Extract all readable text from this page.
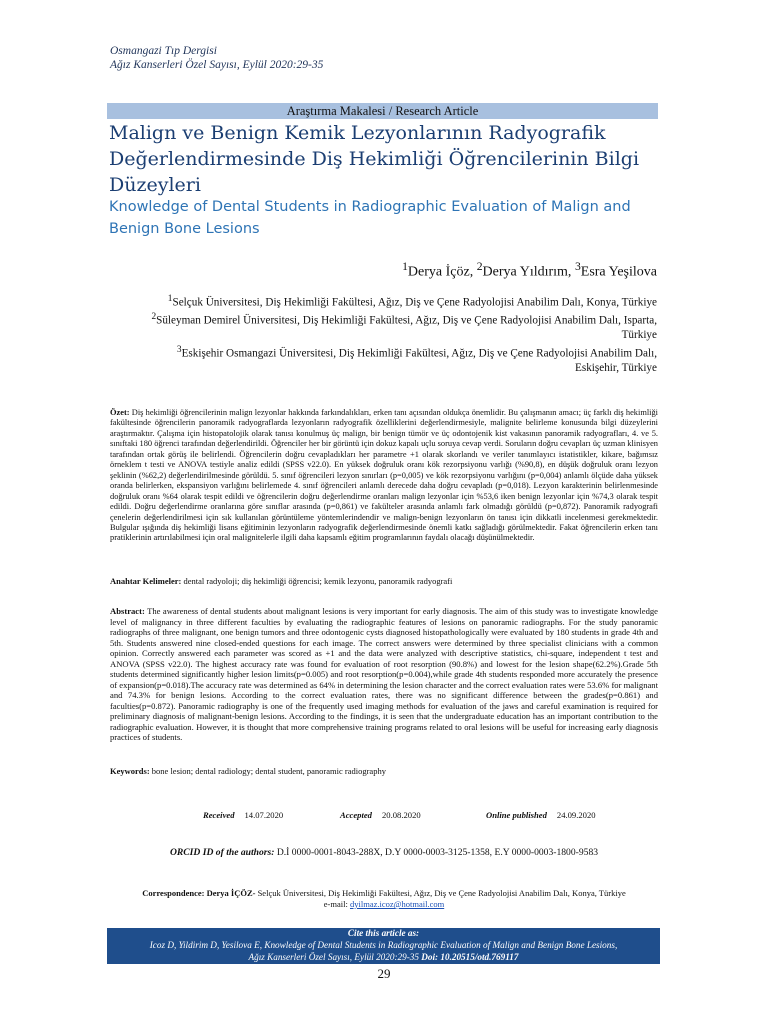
Osmangazi Tıp Dergisi
Ağız Kanserleri Özel Sayısı, Eylül 2020:29-35
Araştırma Makalesi / Research Article
Malign ve Benign Kemik Lezyonlarının Radyografik Değerlendirmesinde Diş Hekimliği Öğrencilerinin Bilgi Düzeyleri
Knowledge of Dental Students in Radiographic Evaluation of Malign and Benign Bone Lesions
$^1$Derya İçöz, $^2$Derya Yıldırım, $^3$Esra Yeşilova

$^1$Selçuk Üniversitesi, Diş Hekimliği Fakültesi, Ağız, Diş ve Çene Radyolojisi Anabilim Dalı, Konya, Türkiye

$^2$Süleyman Demirel Üniversitesi, Diş Hekimliği Fakültesi, Ağız, Diş ve Çene Radyolojisi Anabilim Dalı, Isparta, Türkiye

$^3$Eskişehir Osmangazi Üniversitesi, Diş Hekimliği Fakültesi, Ağız, Diş ve Çene Radyolojisi Anabilim Dalı, Eskişehir, Türkiye

Özet: Diş hekimliği öğrencilerinin malign lezyonlar hakkında farkındalıkları, erken tanı açısından oldukça önemlidir. Bu çalışmanın amacı; üç farklı diş hekimliği fakültesinde öğrencilerin panoramik radyograflarda lezyonların radyografik özelliklerini değerlendirmesiyle, malignite belirleme konusunda bilgi düzeylerini araştırmaktır. Çalışma için histopatolojik olarak tanısı konulmuş üç malign, bir benign tümör ve üç odontojenik kist vakasının panoramik radyografları, 4. ve 5. sınıftaki 180 öğrenci tarafından değerlendirildi. Öğrenciler her bir görüntü için dokuz kapalı uçlu soruya cevap verdi. Soruların doğru cevapları üç uzman klinisyen tarafından ortak görüş ile belirlendi. Öğrencilerin doğru cevapladıkları her parametre +1 olarak skorlandı ve veriler tanımlayıcı istatistikler, kikare, bağımsız örneklem t testi ve ANOVA testiyle analiz edildi (SPSS v22.0). En yüksek doğruluk oranı kök rezorpsiyonu varlığı (%90,8), en düşük doğruluk oranı lezyon şeklinin (%62,2) değerlendirilmesinde görüldü. 5. sınıf öğrencileri lezyon sınırları (p=0,005) ve kök rezorpsiyonu varlığını (p=0,004) anlamlı ölçüde daha yüksek oranda belirlerken, ekspansiyon varlığını belirlemede 4. sınıf öğrencileri anlamlı derecede daha doğru cevapladı (p=0,018). Lezyon karakterinin belirlenmesinde doğruluk oranı %64 olarak tespit edildi ve öğrencilerin doğru değerlendirme oranları malign lezyonlar için %53,6 iken benign lezyonlar için %74,3 olarak tespit edildi. Doğru değerlendirme oranlarına göre sınıflar arasında (p=0,861) ve fakülteler arasında anlamlı fark olmadığı görüldü (p=0,872). Panoramik radyografi çenelerin değerlendirilmesi için sık kullanılan görüntüleme yöntemlerindendir ve malign-benign lezyonların ön tanısı için dikkatli incelenmesi gerekmektedir. Bulgular ışığında diş hekimliği lisans eğitiminin lezyonların radyografik değerlendirmesinde önemli katkı sağladığı görülmektedir. Fakat öğrencilerin erken tanı pratiklerinin artırılabilmesi için oral malignitelerle ilgili daha kapsamlı eğitim programlarının faydalı olacağı düşünülmektedir.
Anahtar Kelimeler: dental radyoloji; diş hekimliği öğrencisi; kemik lezyonu, panoramik radyografi
Abstract: The awareness of dental students about malignant lesions is very important for early diagnosis. The aim of this study was to investigate knowledge level of malignancy in three different faculties by evaluating the radiographic features of lesions on panoramic radiographs. For the study panoramic radiographs of three malignant, one benign tumors and three odontogenic cysts diagnosed histopathologically were evaluated by 180 students in grade 4th and 5th. Students answered nine closed-ended questions for each image. The correct answers were determined by three specialist clinicians with a common opinion. Correctly answered each parameter was scored as +1 and the data were analyzed with descriptive statistics, chi-square, independent t test and ANOVA (SPSS v22.0). The highest accuracy rate was found for evaluation of root resorption (90.8%) and lowest for the lesion shape(62.2%).Grade 5th students determined significantly higher lesion limits(p=0.005) and root resorption(p=0.004),while grade 4th students responded more accurately the presence of expansion(p=0.018).The accuracy rate was determined as 64% in determining the lesion character and the correct evaluation rates were 53.6% for malignant and 74.3% for benign lesions. According to the correct evaluation rates, there was no significant difference between the grades(p=0.861) and faculties(p=0.872). Panoramic radiography is one of the frequently used imaging methods for evaluation of the jaws and careful examination is required for preliminary diagnosis of malignant-benign lesions. According to the findings, it is seen that the undergraduate education has an important contribution to the radiographic evaluation. However, it is thought that more comprehensive training programs related to oral lesions will be useful for increasing early diagnosis practices of students.
Keywords: bone lesion; dental radiology; dental student, panoramic radiography
Received 14.07.2020	Accepted 20.08.2020	Online published 24.09.2020
ORCID ID of the authors: D.İ 0000-0001-8043-288X, D.Y 0000-0003-3125-1358, E.Y 0000-0003-1800-9583
Correspondence: Derya İÇÖZ- Selçuk Üniversitesi, Diş Hekimliği Fakültesi, Ağız, Diş ve Çene Radyolojisi Anabilim Dalı, Konya, Türkiye
e-mail: dyilmaz.icoz@hotmail.com
Cite this article as:
Icoz D, Yildirim D, Yesilova E, Knowledge of Dental Students in Radiographic Evaluation of Malign and Benign Bone Lesions,
Ağız Kanserleri Özel Sayısı, Eylül 2020:29-35 Doi: 10.20515/otd.769117
29
